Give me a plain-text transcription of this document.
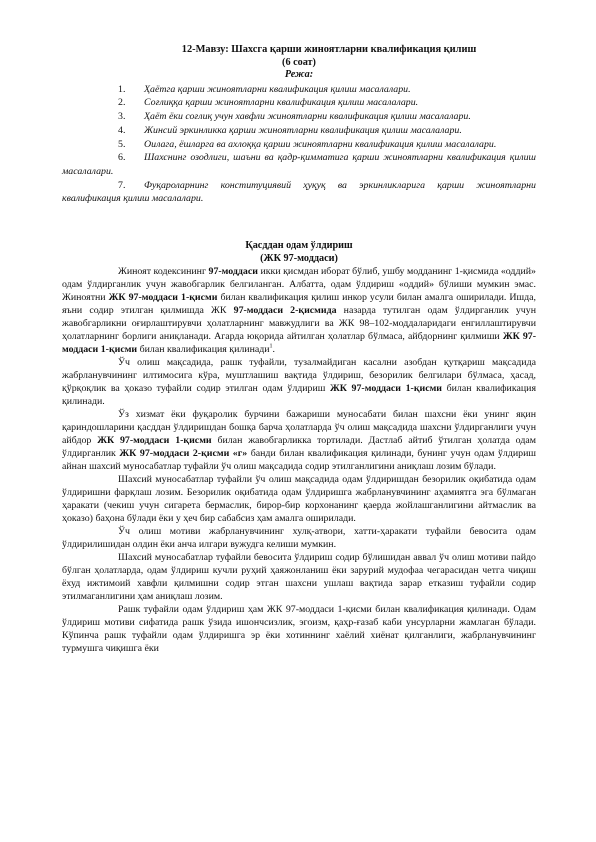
12-Мавзу: Шахсга қарши жиноятларни квалификация қилиш
(6 соат)
Режа:
1. Ҳаётга қарши жиноятларни квалификация қилиш масалалари.
2. Соғлиққа қарши жиноятларни квалификация қилиш масалалари.
3. Ҳаёт ёки соғлиқ учун хавфли жиноятларни квалификация қилиш масалалари.
4. Жинсий эркинликка қарши жиноятларни квалификация қилиш масалалари.
5. Оилага, ёшларга ва ахлоққа қарши жиноятларни квалификация қилиш масалалари.
6. Шахснинг озодлиги, шаъни ва қадр-қимматига қарши жиноятларни квалификация қилиш масалалари.
7. Фуқароларнинг конституциявий ҳуқуқ ва эркинликларига қарши жиноятларни квалификация қилиш масалалари.
Қасддан одам ўлдириш
(ЖК 97-моддаси)

Жиноят кодексининг 97-моддаси икки қисмдан иборат бўлиб, ушбу модданинг 1-қисмида «оддий» одам ўлдирганлик учун жавобгарлик белгиланган. Албатта, одам ўлдириш «оддий» бўлиши мумкин эмас. Жиноятни ЖК 97-моддаси 1-қисми билан квалификация қилиш инкор усули билан амалга оширилади. Ишда, яъни содир этилган қилмишда ЖК 97-моддаси 2-қисмида назарда тутилган одам ўлдирганлик учун жавобгарликни оғирлаштирувчи ҳолатларнинг мавжудлиги ва ЖК 98–102-моддаларидаги енгиллаштирувчи ҳолатларнинг борлиги аниқланади. Агарда юқорида айтилган ҳолатлар бўлмаса, айбдорнинг қилмиши ЖК 97-моддаси 1-қисми билан квалификация қилинади$^1$.

Ўч олиш мақсадида, рашк туфайли, тузалмайдиган касални азобдан қутқариш мақсадида жабрланувчининг илтимосига кўра, муштлашиш вақтида ўлдириш, безорилик белгилари бўлмаса, ҳасад, қўрқоқлик ва ҳоказо туфайли содир этилган одам ўлдириш ЖК 97-моддаси 1-қисми билан квалификация қилинади.

Ўз хизмат ёки фуқаролик бурчини бажариши муносабати билан шахсни ёки унинг яқин қариндошларини қасддан ўлдиришдан бошқа барча ҳолатларда ўч олиш мақсадида шахсни ўлдирганлиги учун айбдор ЖК 97-моддаси 1-қисми билан жавобгарликка тортилади. Дастлаб айтиб ўтилган ҳолатда одам ўлдирганлик ЖК 97-моддаси 2-қисми «г» банди билан квалификация қилинади, бунинг учун одам ўлдириш айнан шахсий муносабатлар туфайли ўч олиш мақсадида содир этилганлигини аниқлаш лозим бўлади.

Шахсий муносабатлар туфайли ўч олиш мақсадида одам ўлдиришдан безорилик оқибатида одам ўлдиришни фарқлаш лозим. Безорилик оқибатида одам ўлдиришга жабрланувчининг аҳамиятга эга бўлмаган ҳаракати (чекиш учун сигарета бермаслик, бирор-бир корхонанинг қаерда жойлашганлигини айтмаслик ва ҳоказо) баҳона бўлади ёки у ҳеч бир сабабсиз ҳам амалга оширилади.

Ўч олиш мотиви жабрланувчининг хулқ-атвори, хатти-ҳаракати туфайли бевосита одам ўлдирилишидан олдин ёки анча илгари вужудга келиши мумкин.

Шахсий муносабатлар туфайли бевосита ўлдириш содир бўлишидан аввал ўч олиш мотиви пайдо бўлган ҳолатларда, одам ўлдириш кучли руҳий ҳаяжонланиш ёки зарурий мудофаа чегарасидан четга чиқиш ёхуд ижтимоий хавфли қилмишни содир этган шахсни ушлаш вақтида зарар етказиш туфайли содир этилмаганлигини ҳам аниқлаш лозим.

Рашк туфайли одам ўлдириш ҳам ЖК 97-моддаси 1-қисми билан квалификация қилинади. Одам ўлдириш мотиви сифатида рашк ўзида ишончсизлик, эгоизм, қаҳр-ғазаб каби унсурларни жамлаган бўлади. Кўпинча рашк туфайли одам ўлдиришга эр ёки хотиннинг хаёлий хиёнат қилганлиги, жабрланувчининг турмушга чиқишга ёки
